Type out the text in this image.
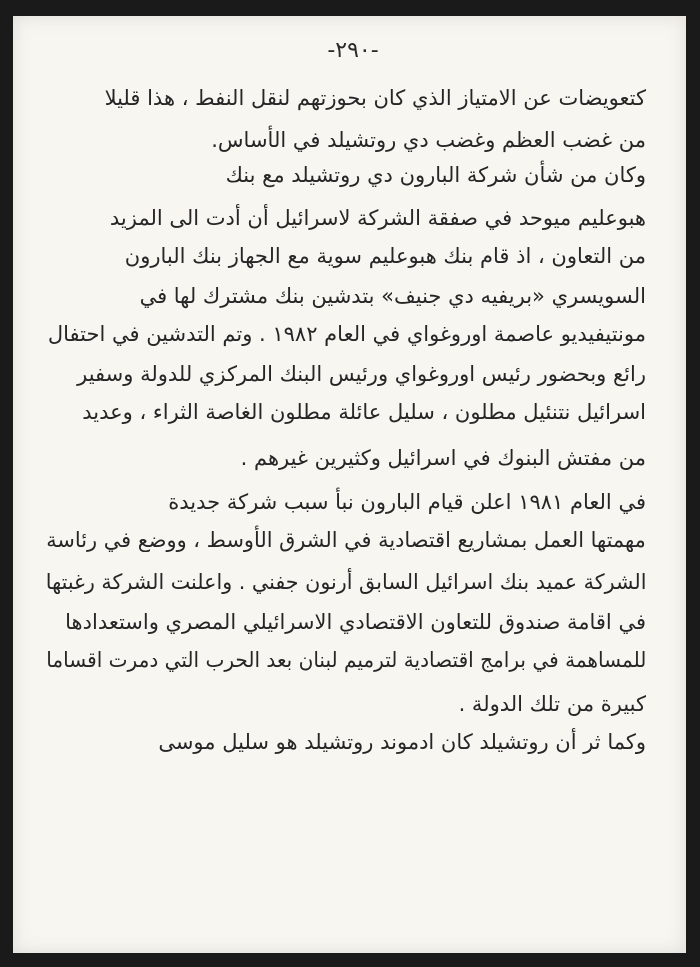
-٢٩٠-
كتعويضات عن الامتياز الذي كان بحوزتهم لنقل النفط ، هذا قليلا
من غضب العظم وغضب دي روتشيلد في الأساس.
وكان من شأن شركة البارون دي روتشيلد مع بنك
هبوعليم ميوحد في صفقة الشركة لاسرائيل أن أدت الى المزيد
من التعاون ، اذ قام بنك هبوعليم سوية مع الجهاز بنك البارون
السويسري «بريفيه دي جنيف» بتدشين بنك مشترك لها في
مونتيفيديو عاصمة اوروغواي في العام ١٩٨٢ . وتم التدشين في احتفال
رائع وبحضور رئيس اوروغواي ورئيس البنك المركزي للدولة وسفير
اسرائيل نتنئيل مطلون ، سليل عائلة مطلون الغاصة الثراء ، وعديد
من مفتش البنوك في اسرائيل وكثيرين غيرهم .
في العام ١٩٨١ اعلن قيام البارون نبأ سبب شركة جديدة
مهمتها العمل بمشاريع اقتصادية في الشرق الأوسط ، ووضع في رئاسة
الشركة عميد بنك اسرائيل السابق أرنون جفني . واعلنت الشركة رغبتها
في اقامة صندوق للتعاون الاقتصادي الاسرائيلي المصري واستعدادها
للمساهمة في برامج اقتصادية لترميم لبنان بعد الحرب التي دمرت اقساما
كبيرة من تلك الدولة .
وكما ثر أن روتشيلد كان ادموند روتشيلد هو سليل موسى
